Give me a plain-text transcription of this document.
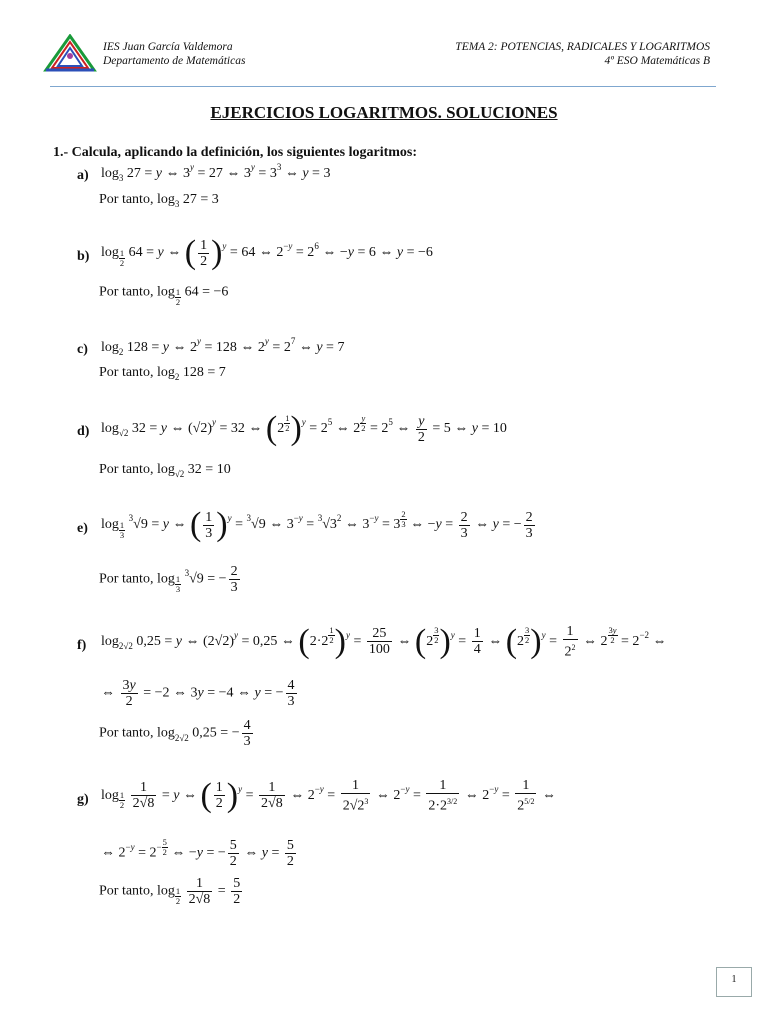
IES Juan García Valdemora
Departamento de Matemáticas
TEMA 2: POTENCIAS, RADICALES Y LOGARITMOS
4º ESO Matemáticas B
EJERCICIOS LOGARITMOS. SOLUCIONES
1.- Calcula, aplicando la definición, los siguientes logaritmos:
a) $\log_3 27 = y$ ⇔ $3^y = 27$ ⇔ $3^y = 3^3$ ⇔ y = 3
Por tanto, $\log_3 27 = 3$
b) log $_{\frac{1}{2}}$ 64 = y ⇔ ( $\frac{1}{2} )^y = 64$ ⇔ $2^{-y} = 2^6$ ⇔ −y = 6 ⇔ y = −6
Por tanto, log $_{\frac{1}{2}}$ 64 = −6
c) $\log_2 128 = y$ ⇔ $2^y = 128$ ⇔ $2^y = 2^7$ ⇔ y = 7
Por tanto, $\log_2 128 = 7$
d) $\log_{√2} 32 = y$ ⇔ $(√2)^y = 32$ ⇔ (2 $^{\frac{1}{2}}$ )$^y = 2^5$ ⇔ 2 $^{\frac{y}{2}} = 2^5$ ⇔ $\frac{y}{2} = 5$ ⇔ y = 10
Por tanto, $\log_{√2} 32 = 10$
e) log $_{\frac{1}{3}}$
$^3$√9 = y ⇔ ( $\frac{1}{3} )^y = ^3√9$ ⇔ $3^{-y} = ^3√3^2$ ⇔ $3^{-y} = 3$ $^{\frac{2}{3}}$ ⇔ $-y = \frac{2}{3}$ ⇔ y = − $\frac{2}{3}$
Por tanto, log $_{\frac{1}{3}}$
$^3$√9 = − $\frac{2}{3}$
f) $\log_{2√2} 0,25 = y$ ⇔ $(2√2)^y = 0,25$ ⇔ (2·2 $^{\frac{1}{2}}$ )$^y = \frac{25}{100}$ ⇔ (2 $^{\frac{3}{2}}$ )$^y = \frac{1}{4}$ ⇔ (2 $^{\frac{3}{2}}$ )$^y = \frac{1}{2^2}$ ⇔ 2 $^{\frac{3y}{2}} = 2^{-2}$ ⇔
⇔ $\frac{3y}{2} = -2$ ⇔ 3y = −4 ⇔ y = − $\frac{4}{3}$
Por tanto, $\log_{2√2} 0,25$ = − $\frac{4}{3}$
g) log $_{\frac{1}{2}}$
$\frac{1}{2√8} = y$ ⇔ ( $\frac{1}{2} )^y = \frac{1}{2√8}$ ⇔ $2^{-y} = \frac{1}{2√2^3}$ ⇔ $2^{-y} = \frac{1}{2\cdot 2^{3/2}}$ ⇔ $2^{-y} = \frac{1}{2^{5/2}}$ ⇔
⇔ $2^{-y} = 2^{- \frac{5}{2}}$ ⇔ −y = − $\frac{5}{2}$ ⇔ $y = \frac{5}{2}$
Por tanto, log $_{\frac{1}{2}}$
$\frac{1}{2√8} = \frac{5}{2}$
1
